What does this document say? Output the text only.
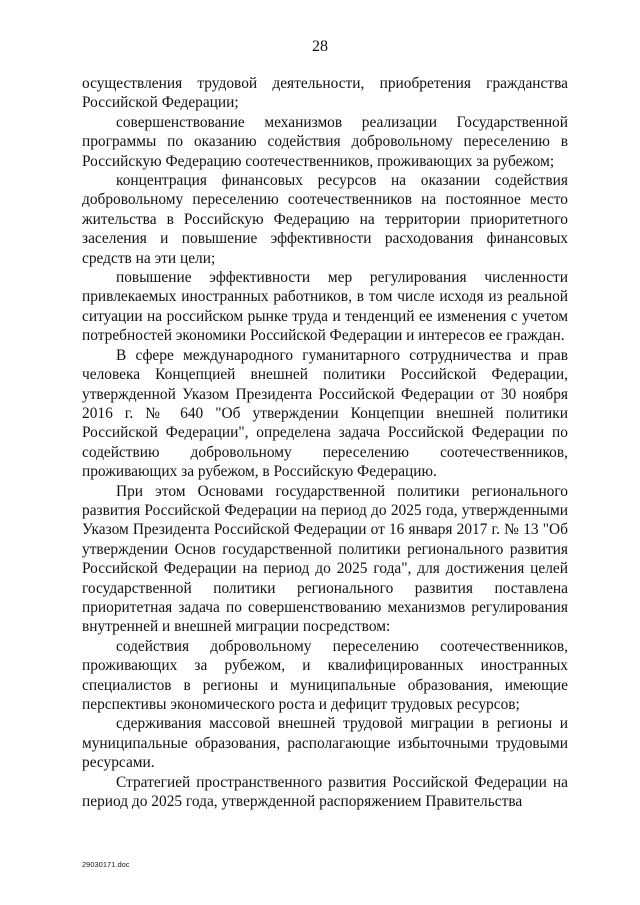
28

осуществления трудовой деятельности, приобретения гражданства Российской Федерации;

совершенствование механизмов реализации Государственной программы по оказанию содействия добровольному переселению в Российскую Федерацию соотечественников, проживающих за рубежом;

концентрация финансовых ресурсов на оказании содействия добровольному переселению соотечественников на постоянное место жительства в Российскую Федерацию на территории приоритетного заселения и повышение эффективности расходования финансовых средств на эти цели;

повышение эффективности мер регулирования численности привлекаемых иностранных работников, в том числе исходя из реальной ситуации на российском рынке труда и тенденций ее изменения с учетом потребностей экономики Российской Федерации и интересов ее граждан.

В сфере международного гуманитарного сотрудничества и прав человека Концепцией внешней политики Российской Федерации, утвержденной Указом Президента Российской Федерации от 30 ноября 2016 г. № 640 "Об утверждении Концепции внешней политики Российской Федерации", определена задача Российской Федерации по содействию добровольному переселению соотечественников, проживающих за рубежом, в Российскую Федерацию.

При этом Основами государственной политики регионального развития Российской Федерации на период до 2025 года, утвержденными Указом Президента Российской Федерации от 16 января 2017 г. № 13 "Об утверждении Основ государственной политики регионального развития Российской Федерации на период до 2025 года", для достижения целей государственной политики регионального развития поставлена приоритетная задача по совершенствованию механизмов регулирования внутренней и внешней миграции посредством:

содействия добровольному переселению соотечественников, проживающих за рубежом, и квалифицированных иностранных специалистов в регионы и муниципальные образования, имеющие перспективы экономического роста и дефицит трудовых ресурсов;

сдерживания массовой внешней трудовой миграции в регионы и муниципальные образования, располагающие избыточными трудовыми ресурсами.

Стратегией пространственного развития Российской Федерации на период до 2025 года, утвержденной распоряжением Правительства

29030171.doc
